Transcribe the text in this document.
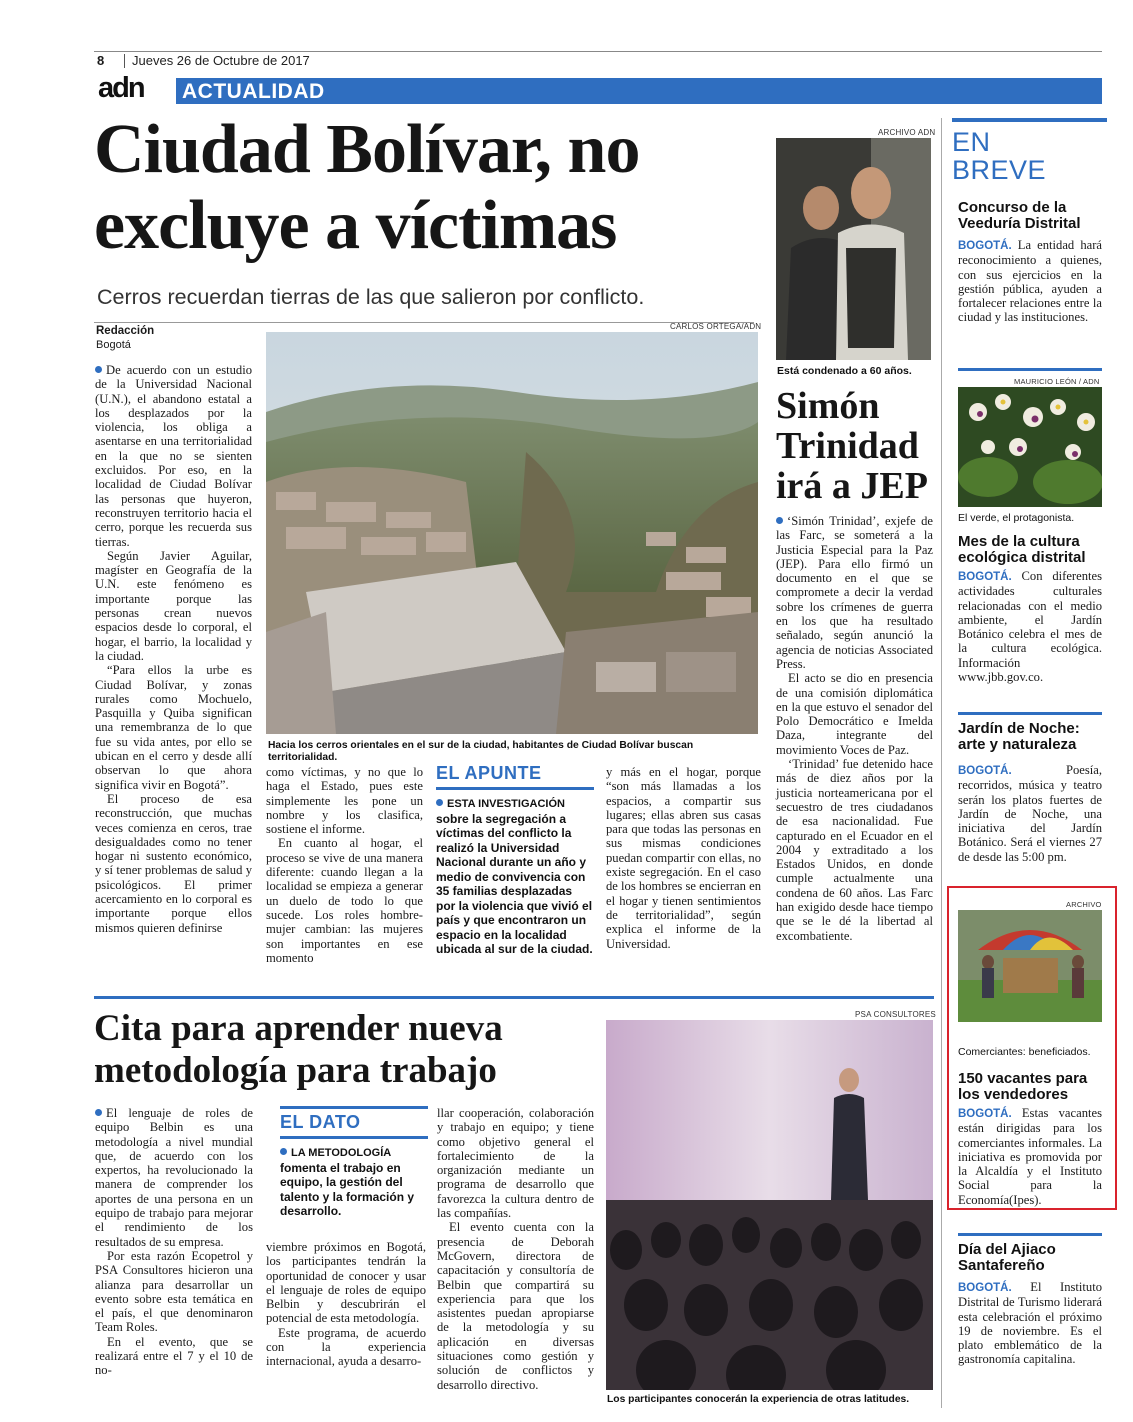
8 Jueves 26 de Octubre de 2017
adn ACTUALIDAD
Ciudad Bolívar, no
excluye a víctimas
Cerros recuerdan tierras de las que salieron por conflicto.
Redacción
Bogotá
CARLOS ORTEGA/ADN
Hacia los cerros orientales en el sur de la ciudad, habitantes de Ciudad Bolívar buscan territorialidad.

De acuerdo con un estudio de la Universidad Nacional (U.N.), el abandono estatal a los desplazados por la violencia, los obliga a asentarse en una territorialidad en la que no se sienten excluidos. Por eso, en la localidad de Ciudad Bolívar las personas que huyeron, reconstruyen territorio hacia el cerro, porque les recuerda sus tierras.

Según Javier Aguilar, magíster en Geografía de la U.N. este fenómeno es importante porque las personas crean nuevos espacios desde lo corporal, el hogar, el barrio, la localidad y la ciudad.

“Para ellos la urbe es Ciudad Bolívar, y zonas rurales como Mochuelo, Pasquilla y Quiba significan una remembranza de lo que fue su vida antes, por ello se ubican en el cerro y desde allí observan lo que ahora significa vivir en Bogotá”.

El proceso de esa reconstrucción, que muchas veces comienza en ceros, trae desigualdades como no tener hogar ni sustento económico, y sí tener problemas de salud y psicológicos. El primer acercamiento en lo corporal es importante porque ellos mismos quieren definirse

como víctimas, y no que lo haga el Estado, pues este simplemente les pone un nombre y los clasifica, sostiene el informe.

En cuanto al hogar, el proceso se vive de una manera diferente: cuando llegan a la localidad se empieza a generar un duelo de todo lo que sucede. Los roles hombre-mujer cambian: las mujeres son importantes en ese momento

EL APUNTE
ESTA INVESTIGACIÓN sobre la segregación a víctimas del conflicto la realizó la Universidad Nacional durante un año y medio de convivencia con 35 familias desplazadas por la violencia que vivió el país y que encontraron un espacio en la localidad ubicada al sur de la ciudad.

y más en el hogar, porque “son más llamadas a los espacios, a compartir sus lugares; ellas abren sus casas para que todas las personas en sus mismas condiciones puedan compartir con ellas, no existe segregación. En el caso de los hombres se encierran en el hogar y tienen sentimientos de territorialidad”, según explica el informe de la Universidad.

ARCHIVO ADN
Está condenado a 60 años.
Simón
Trinidad
irá a JEP

‘Simón Trinidad’, exjefe de las Farc, se someterá a la Justicia Especial para la Paz (JEP). Para ello firmó un documento en el que se compromete a decir la verdad sobre los crímenes de guerra en los que ha resultado señalado, según anunció la agencia de noticias Associated Press.

El acto se dio en presencia de una comisión diplomática en la que estuvo el senador del Polo Democrático e Imelda Daza, integrante del movimiento Voces de Paz.

‘Trinidad’ fue detenido hace más de diez años por la justicia norteamericana por el secuestro de tres ciudadanos de esa nacionalidad. Fue capturado en el Ecuador en el 2004 y extraditado a los Estados Unidos, en donde cumple actualmente una condena de 60 años. Las Farc han exigido desde hace tiempo que se le dé la libertad al excombatiente.

Cita para aprender nueva
metodología para trabajo

El lenguaje de roles de equipo Belbin es una metodología a nivel mundial que, de acuerdo con los expertos, ha revolucionado la manera de comprender los aportes de una persona en un equipo de trabajo para mejorar el rendimiento de los resultados de su empresa.

Por esta razón Ecopetrol y PSA Consultores hicieron una alianza para desarrollar un evento sobre esta temática en el país, el que denominaron Team Roles.

En el evento, que se realizará entre el 7 y el 10 de no-

EL DATO
LA METODOLOGÍA fomenta el trabajo en equipo, la gestión del talento y la formación y desarrollo.

viembre próximos en Bogotá, los participantes tendrán la oportunidad de conocer y usar el lenguaje de roles de equipo Belbin y descubrirán el potencial de esta metodología.

Este programa, de acuerdo con la experiencia internacional, ayuda a desarro-

llar cooperación, colaboración y trabajo en equipo; y tiene como objetivo general el fortalecimiento de la organización mediante un programa de desarrollo que favorezca la cultura dentro de las compañías.

El evento cuenta con la presencia de Deborah McGovern, directora de capacitación y consultoría de Belbin que compartirá su experiencia para que los asistentes puedan apropiarse de la metodología y su aplicación en diversas situaciones como gestión y solución de conflictos y desarrollo directivo.

PSA CONSULTORES
Los participantes conocerán la experiencia de otras latitudes.
EN
BREVE
Concurso de la Veeduría Distrital

BOGOTÁ. La entidad hará reconocimiento a quienes, con sus ejercicios en la gestión pública, ayuden a fortalecer relaciones entre la ciudad y las instituciones.

MAURICIO LEÓN / ADN
El verde, el protagonista.
Mes de la cultura ecológica distrital

BOGOTÁ. Con diferentes actividades culturales relacionadas con el medio ambiente, el Jardín Botánico celebra el mes de la cultura ecológica. Información www.jbb.gov.co.

Jardín de Noche: arte y naturaleza

BOGOTÁ.	Poesía, recorridos, música y teatro serán los platos fuertes de Jardín de Noche, una iniciativa del Jardín Botánico. Será el viernes 27 de desde las 5:00 pm.

ARCHIVO
Comerciantes: beneficiados.
150 vacantes para los vendedores

BOGOTÁ. Estas vacantes están dirigidas para los comerciantes informales. La iniciativa es promovida por la Alcaldía y el Instituto Social para la Economía(Ipes).

Día del Ajiaco Santafereño

BOGOTÁ. El Instituto Distrital de Turismo liderará esta celebración el próximo 19 de noviembre. Es el plato emblemático de la gastronomía capitalina.
